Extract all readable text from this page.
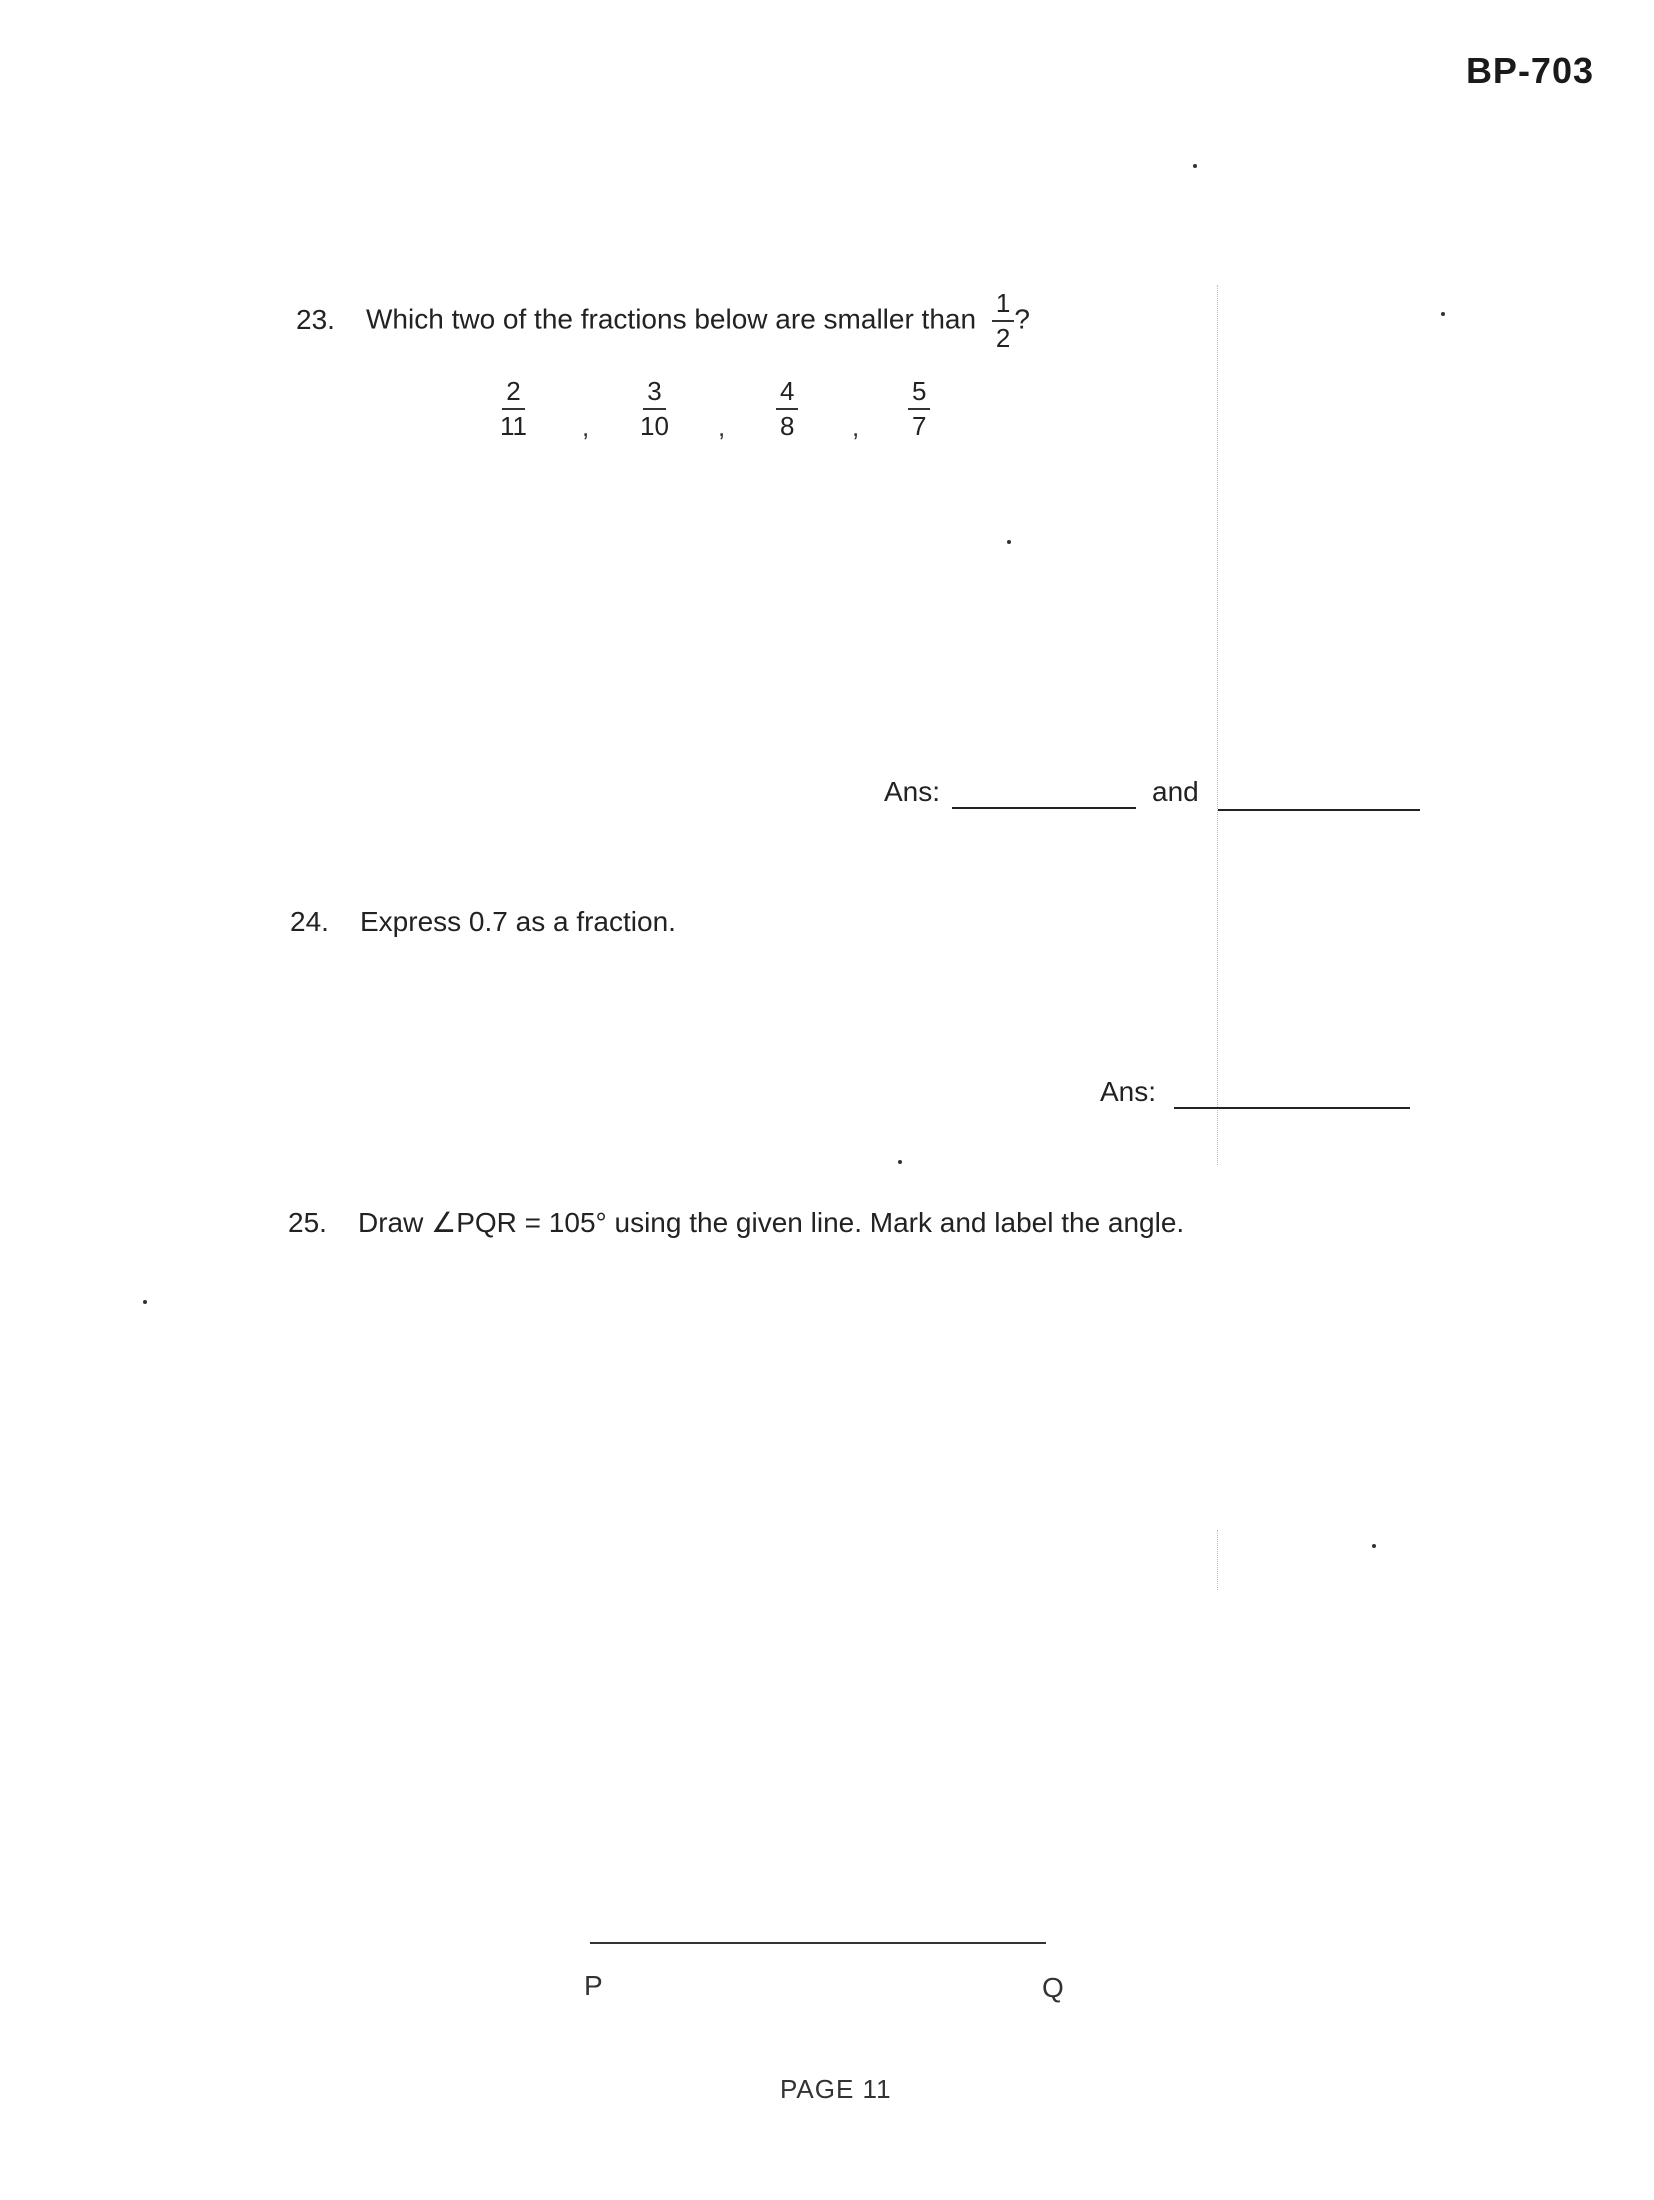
BP-703
23. Which two of the fractions below are smaller than $\frac{1}{2}$ ?
$\frac{2}{11}$ , $\frac{3}{10}$ , $\frac{4}{8}$ , $\frac{5}{7}$
Ans:	and
24. Express 0.7 as a fraction.
Ans:
25. Draw ∠PQR = 105° using the given line. Mark and label the angle.
P	Q
PAGE 11
